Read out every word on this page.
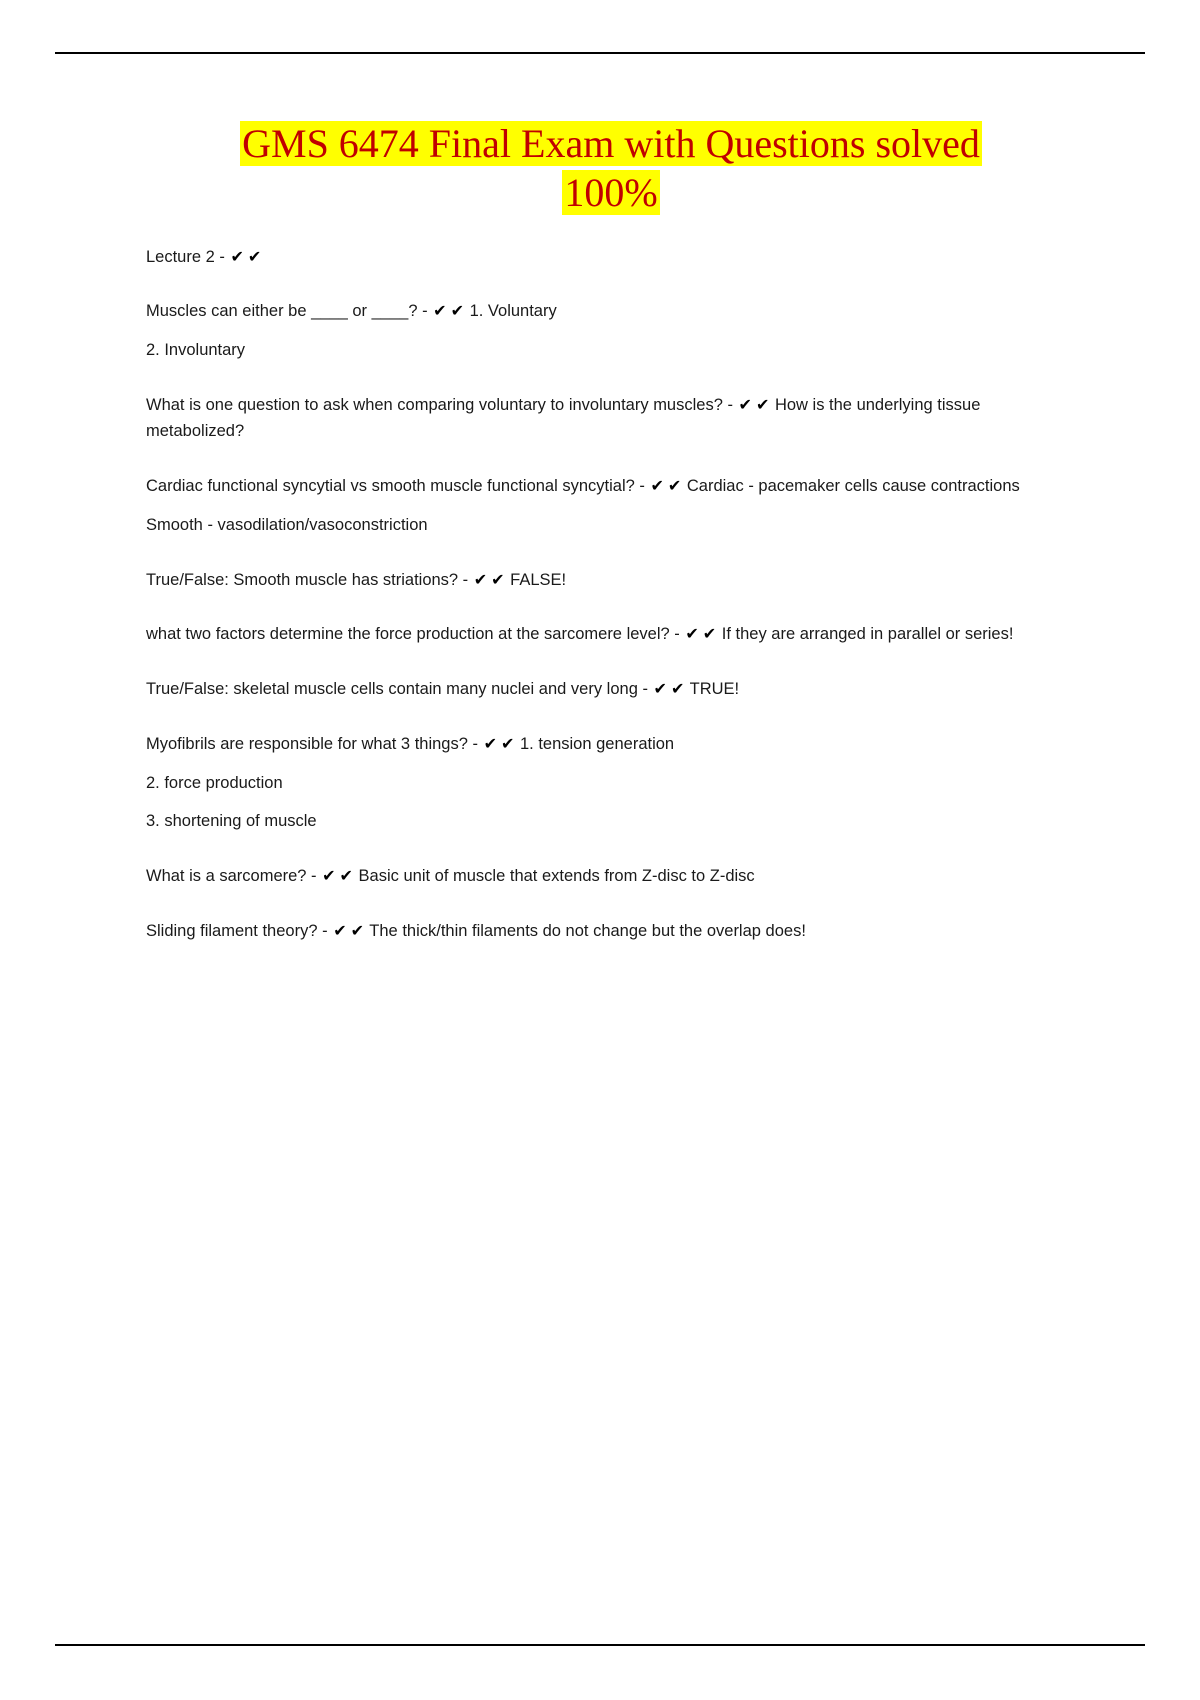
GMS 6474 Final Exam with Questions solved
100%
Lecture 2 - ✔ ✔
Muscles can either be ____ or ____? - ✔ ✔ 1. Voluntary
2. Involuntary
What is one question to ask when comparing voluntary to involuntary muscles? - ✔ ✔ How is the underlying tissue metabolized?
Cardiac functional syncytial vs smooth muscle functional syncytial? - ✔ ✔ Cardiac - pacemaker cells cause contractions
Smooth - vasodilation/vasoconstriction
True/False: Smooth muscle has striations? - ✔ ✔ FALSE!
what two factors determine the force production at the sarcomere level? - ✔ ✔ If they are arranged in parallel or series!
True/False: skeletal muscle cells contain many nuclei and very long - ✔ ✔ TRUE!
Myofibrils are responsible for what 3 things? - ✔ ✔ 1. tension generation
2. force production
3. shortening of muscle
What is a sarcomere? - ✔ ✔ Basic unit of muscle that extends from Z-disc to Z-disc
Sliding filament theory? - ✔ ✔ The thick/thin filaments do not change but the overlap does!
